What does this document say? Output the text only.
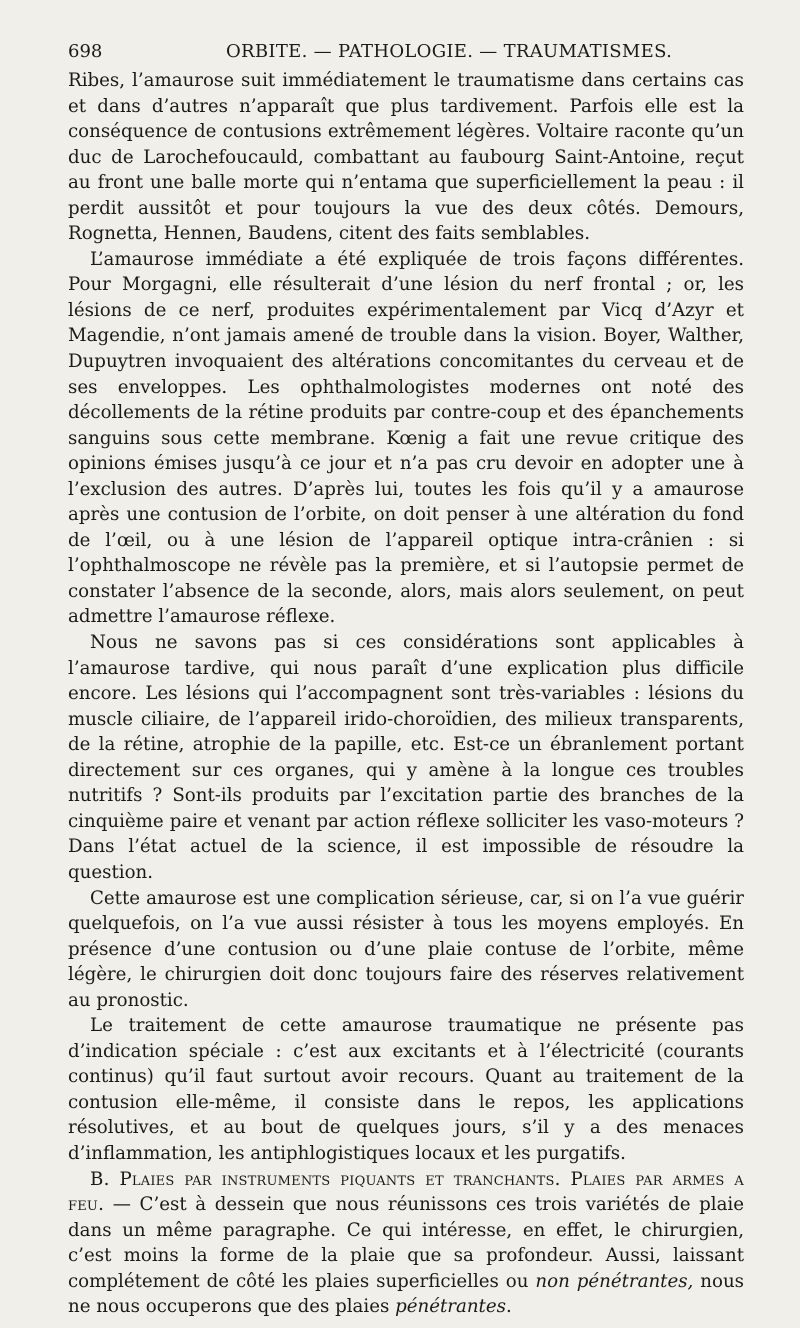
698	ORBITE. — PATHOLOGIE. — TRAUMATISMES.

Ribes, l’amaurose suit immédiatement le traumatisme dans certains cas et dans d’autres n’apparaît que plus tardivement. Parfois elle est la conséquence de contusions extrêmement légères. Voltaire raconte qu’un duc de Larochefoucauld, combattant au faubourg Saint-Antoine, reçut au front une balle morte qui n’entama que superficiellement la peau : il perdit aussitôt et pour toujours la vue des deux côtés. Demours, Rognetta, Hennen, Baudens, citent des faits semblables.

L’amaurose immédiate a été expliquée de trois façons différentes. Pour Morgagni, elle résulterait d’une lésion du nerf frontal ; or, les lésions de ce nerf, produites expérimentalement par Vicq d’Azyr et Magendie, n’ont jamais amené de trouble dans la vision. Boyer, Walther, Dupuytren invoquaient des altérations concomitantes du cerveau et de ses enveloppes. Les ophthalmologistes modernes ont noté des décollements de la rétine produits par contre-coup et des épanchements sanguins sous cette membrane. Kœnig a fait une revue critique des opinions émises jusqu’à ce jour et n’a pas cru devoir en adopter une à l’exclusion des autres. D’après lui, toutes les fois qu’il y a amaurose après une contusion de l’orbite, on doit penser à une altération du fond de l’œil, ou à une lésion de l’appareil optique intra-crânien : si l’ophthalmoscope ne révèle pas la première, et si l’autopsie permet de constater l’absence de la seconde, alors, mais alors seulement, on peut admettre l’amaurose réflexe.

Nous ne savons pas si ces considérations sont applicables à l’amaurose tardive, qui nous paraît d’une explication plus difficile encore. Les lésions qui l’accompagnent sont très-variables : lésions du muscle ciliaire, de l’appareil irido-choroïdien, des milieux transparents, de la rétine, atrophie de la papille, etc. Est-ce un ébranlement portant directement sur ces organes, qui y amène à la longue ces troubles nutritifs ? Sont-ils produits par l’excitation partie des branches de la cinquième paire et venant par action réflexe solliciter les vaso-moteurs ? Dans l’état actuel de la science, il est impossible de résoudre la question.

Cette amaurose est une complication sérieuse, car, si on l’a vue guérir quelquefois, on l’a vue aussi résister à tous les moyens employés. En présence d’une contusion ou d’une plaie contuse de l’orbite, même légère, le chirurgien doit donc toujours faire des réserves relativement au pronostic.

Le traitement de cette amaurose traumatique ne présente pas d’indication spéciale : c’est aux excitants et à l’électricité (courants continus) qu’il faut surtout avoir recours. Quant au traitement de la contusion elle-même, il consiste dans le repos, les applications résolutives, et au bout de quelques jours, s’il y a des menaces d’inflammation, les antiphlogistiques locaux et les purgatifs.

B. Plaies par instruments piquants et tranchants. Plaies par armes a feu. — C’est à dessein que nous réunissons ces trois variétés de plaie dans un même paragraphe. Ce qui intéresse, en effet, le chirurgien, c’est moins la forme de la plaie que sa profondeur. Aussi, laissant complétement de côté les plaies superficielles ou non pénétrantes, nous ne nous occuperons que des plaies pénétrantes.
